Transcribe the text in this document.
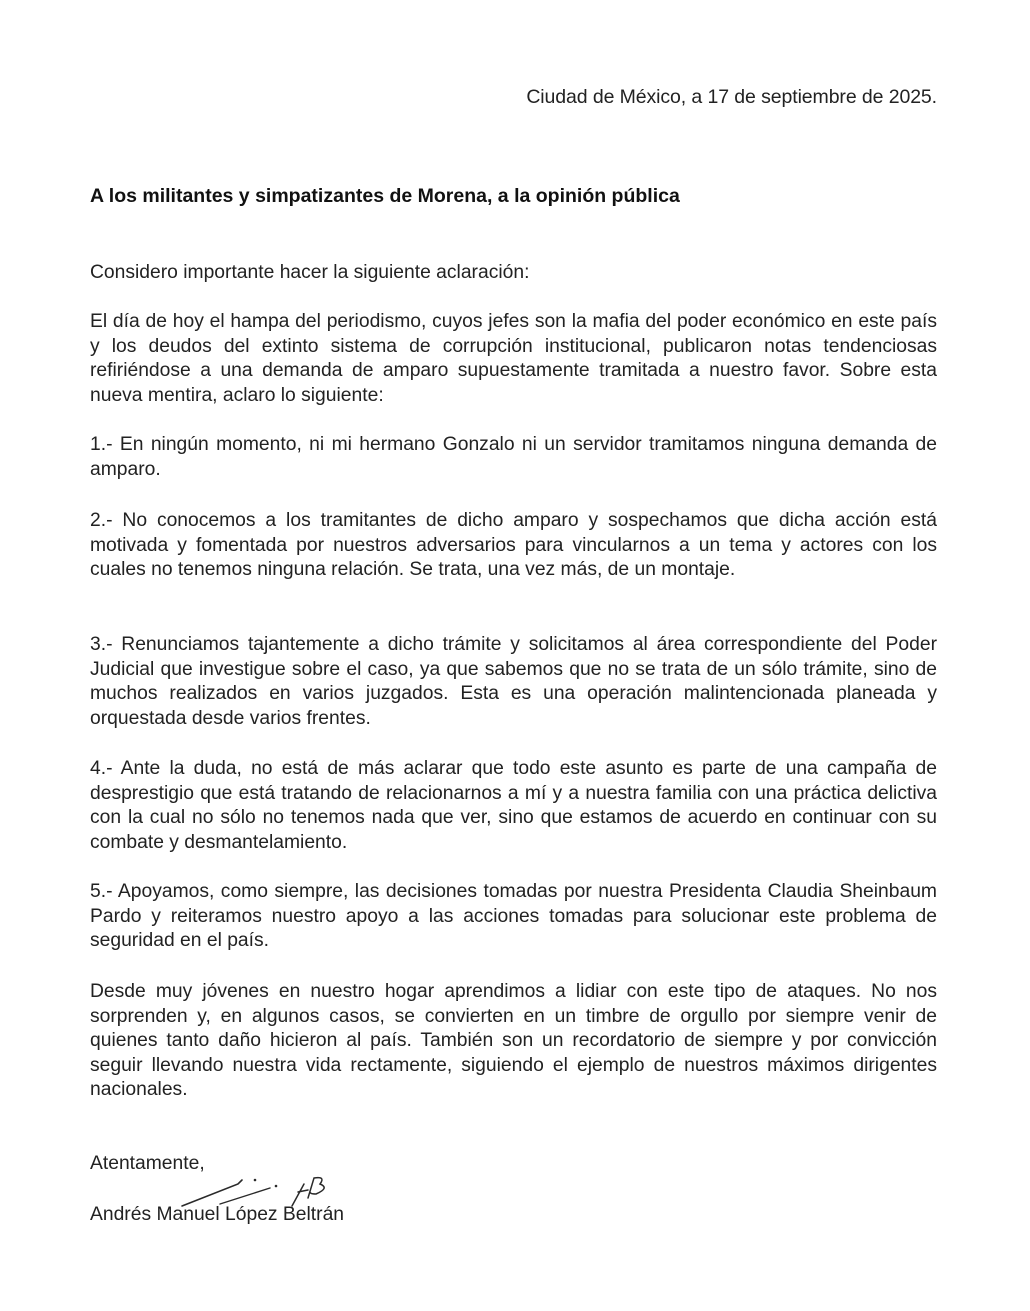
Ciudad de México, a 17 de septiembre de 2025.
A los militantes y simpatizantes de Morena, a la opinión pública

Considero importante hacer la siguiente aclaración:

El día de hoy el hampa del periodismo, cuyos jefes son la mafia del poder económico en este país y los deudos del extinto sistema de corrupción institucional, publicaron notas tendenciosas refiriéndose a una demanda de amparo supuestamente tramitada a nuestro favor. Sobre esta nueva mentira, aclaro lo siguiente:

1.- En ningún momento, ni mi hermano Gonzalo ni un servidor tramitamos ninguna demanda de amparo.

2.- No conocemos a los tramitantes de dicho amparo y sospechamos que dicha acción está motivada y fomentada por nuestros adversarios para vincularnos a un tema y actores con los cuales no tenemos ninguna relación. Se trata, una vez más, de un montaje.

3.- Renunciamos tajantemente a dicho trámite y solicitamos al área correspondiente del Poder Judicial que investigue sobre el caso, ya que sabemos que no se trata de un sólo trámite, sino de muchos realizados en varios juzgados. Esta es una operación malintencionada planeada y orquestada desde varios frentes.

4.- Ante la duda, no está de más aclarar que todo este asunto es parte de una campaña de desprestigio que está tratando de relacionarnos a mí y a nuestra familia con una práctica delictiva con la cual no sólo no tenemos nada que ver, sino que estamos de acuerdo en continuar con su combate y desmantelamiento.

5.- Apoyamos, como siempre, las decisiones tomadas por nuestra Presidenta Claudia Sheinbaum Pardo y reiteramos nuestro apoyo a las acciones tomadas para solucionar este problema de seguridad en el país.

Desde muy jóvenes en nuestro hogar aprendimos a lidiar con este tipo de ataques. No nos sorprenden y, en algunos casos, se convierten en un timbre de orgullo por siempre venir de quienes tanto daño hicieron al país. También son un recordatorio de siempre y por convicción seguir llevando nuestra vida rectamente, siguiendo el ejemplo de nuestros máximos dirigentes nacionales.

Atentamente,
Andrés Manuel López Beltrán
